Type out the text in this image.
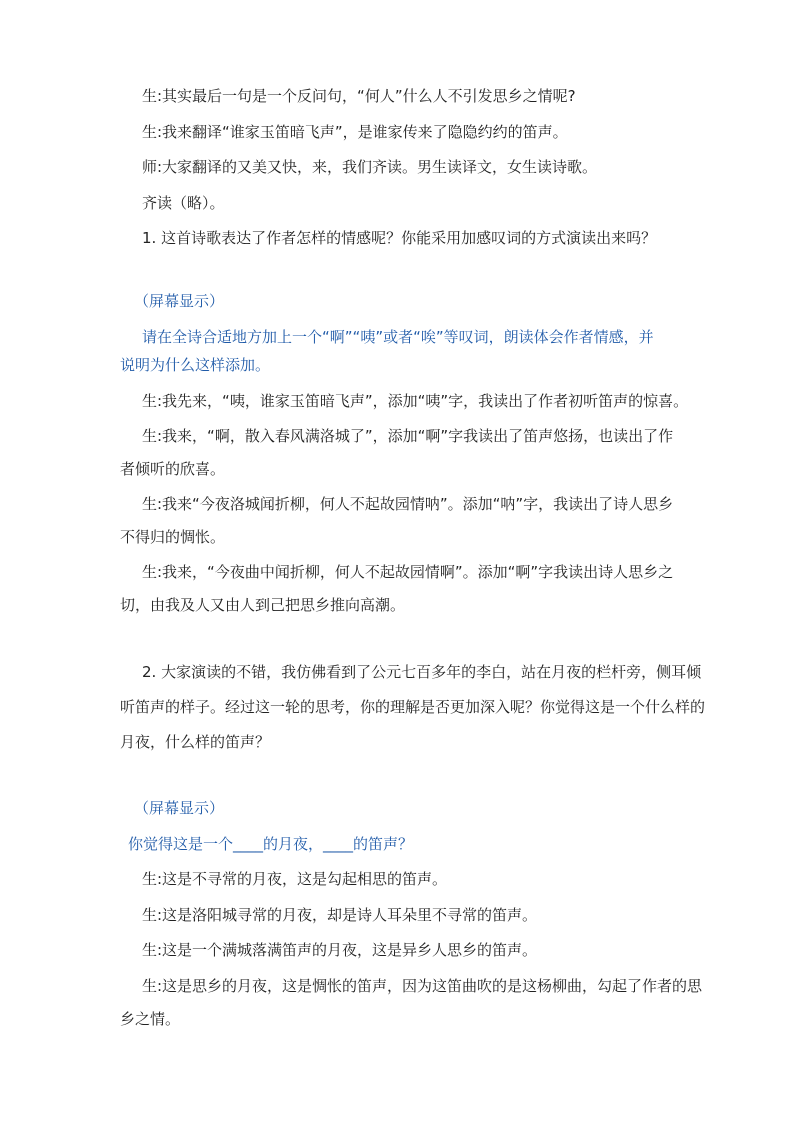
生:其实最后一句是一个反问句，“何人”什么人不引发思乡之情呢?
生:我来翻译“谁家玉笛暗飞声”，是谁家传来了隐隐约约的笛声。
师:大家翻译的又美又快，来，我们齐读。男生读译文，女生读诗歌。
齐读（略）。
1. 这首诗歌表达了作者怎样的情感呢？你能采用加感叹词的方式演读出来吗？
（屏幕显示）
请在全诗合适地方加上一个“啊”“咦”或者“唉”等叹词，朗读体会作者情感，并
说明为什么这样添加。
生:我先来，“咦，谁家玉笛暗飞声”，添加“咦”字，我读出了作者初听笛声的惊喜。
生:我来，“啊，散入春风满洛城了”，添加“啊”字我读出了笛声悠扬，也读出了作
者倾听的欣喜。
生:我来“今夜洛城闻折柳，何人不起故园情呐”。添加“呐”字，我读出了诗人思乡
不得归的惆怅。
生:我来，“今夜曲中闻折柳，何人不起故园情啊”。添加“啊”字我读出诗人思乡之
切，由我及人又由人到己把思乡推向高潮。
2. 大家演读的不错，我仿佛看到了公元七百多年的李白，站在月夜的栏杆旁，侧耳倾
听笛声的样子。经过这一轮的思考，你的理解是否更加深入呢？你觉得这是一个什么样的
月夜，什么样的笛声？
（屏幕显示）
你觉得这是一个____的月夜，____的笛声？
生:这是不寻常的月夜，这是勾起相思的笛声。
生:这是洛阳城寻常的月夜，却是诗人耳朵里不寻常的笛声。
生:这是一个满城落满笛声的月夜，这是异乡人思乡的笛声。
生:这是思乡的月夜，这是惆怅的笛声，因为这笛曲吹的是这杨柳曲，勾起了作者的思
乡之情。
